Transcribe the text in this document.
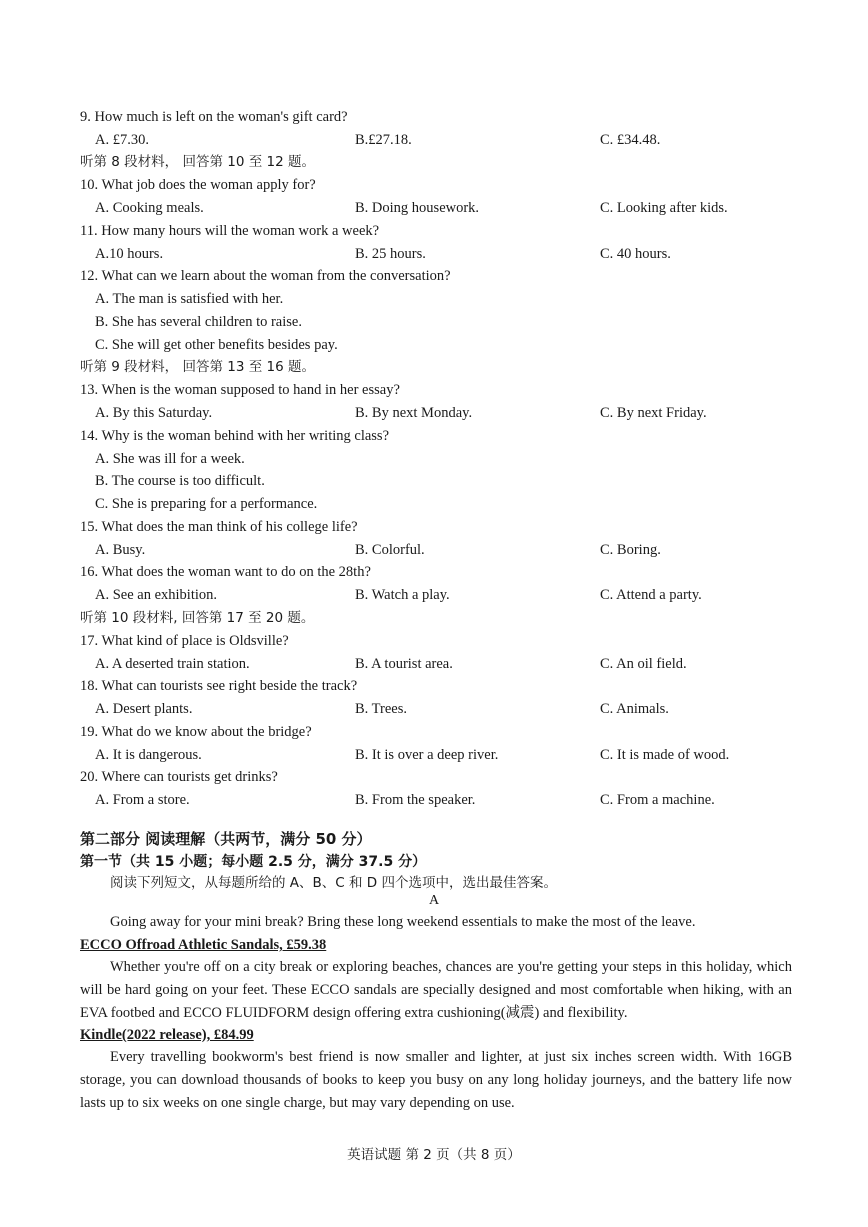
9. How much is left on the woman's gift card?
A. £7.30.	B.£27.18.	C. £34.48.
听第 8 段材料， 回答第 10 至 12 题。
10. What job does the woman apply for?
A. Cooking meals.	B. Doing housework.	C. Looking after kids.
11. How many hours will the woman work a week?
A.10 hours.	B. 25 hours.	C. 40 hours.
12. What can we learn about the woman from the conversation?
A. The man is satisfied with her.
B. She has several children to raise.
C. She will get other benefits besides pay.
听第 9 段材料， 回答第 13 至 16 题。
13. When is the woman supposed to hand in her essay?
A. By this Saturday.	B. By next Monday.	C. By next Friday.
14. Why is the woman behind with her writing class?
A. She was ill for a week.
B. The course is too difficult.
C. She is preparing for a performance.
15. What does the man think of his college life?
A. Busy.	B. Colorful.	C. Boring.
16. What does the woman want to do on the 28th?
A. See an exhibition.	B. Watch a play.	C. Attend a party.
听第 10 段材料, 回答第 17 至 20 题。
17. What kind of place is Oldsville?
A. A deserted train station.	B. A tourist area.	C. An oil field.
18. What can tourists see right beside the track?
A. Desert plants.	B. Trees.	C. Animals.
19. What do we know about the bridge?
A. It is dangerous.	B. It is over a deep river.	C. It is made of wood.
20. Where can tourists get drinks?
A. From a store.	B. From the speaker.	C. From a machine.
第二部分 阅读理解（共两节，满分 50 分）
第一节（共 15 小题；每小题 2.5 分，满分 37.5 分）
阅读下列短文，从每题所给的 A、B、C 和 D 四个选项中，选出最佳答案。
A
Going away for your mini break? Bring these long weekend essentials to make the most of the leave.
ECCO Offroad Athletic Sandals, £59.38
Whether you're off on a city break or exploring beaches, chances are you're getting your steps in this holiday, which will be hard going on your feet. These ECCO sandals are specially designed and most comfortable when hiking, with an EVA footbed and ECCO FLUIDFORM design offering extra cushioning(减震) and flexibility.
Kindle(2022 release), £84.99
Every travelling bookworm's best friend is now smaller and lighter, at just six inches screen width. With 16GB storage, you can download thousands of books to keep you busy on any long holiday journeys, and the battery life now lasts up to six weeks on one single charge, but may vary depending on use.
英语试题 第 2 页（共 8 页）
